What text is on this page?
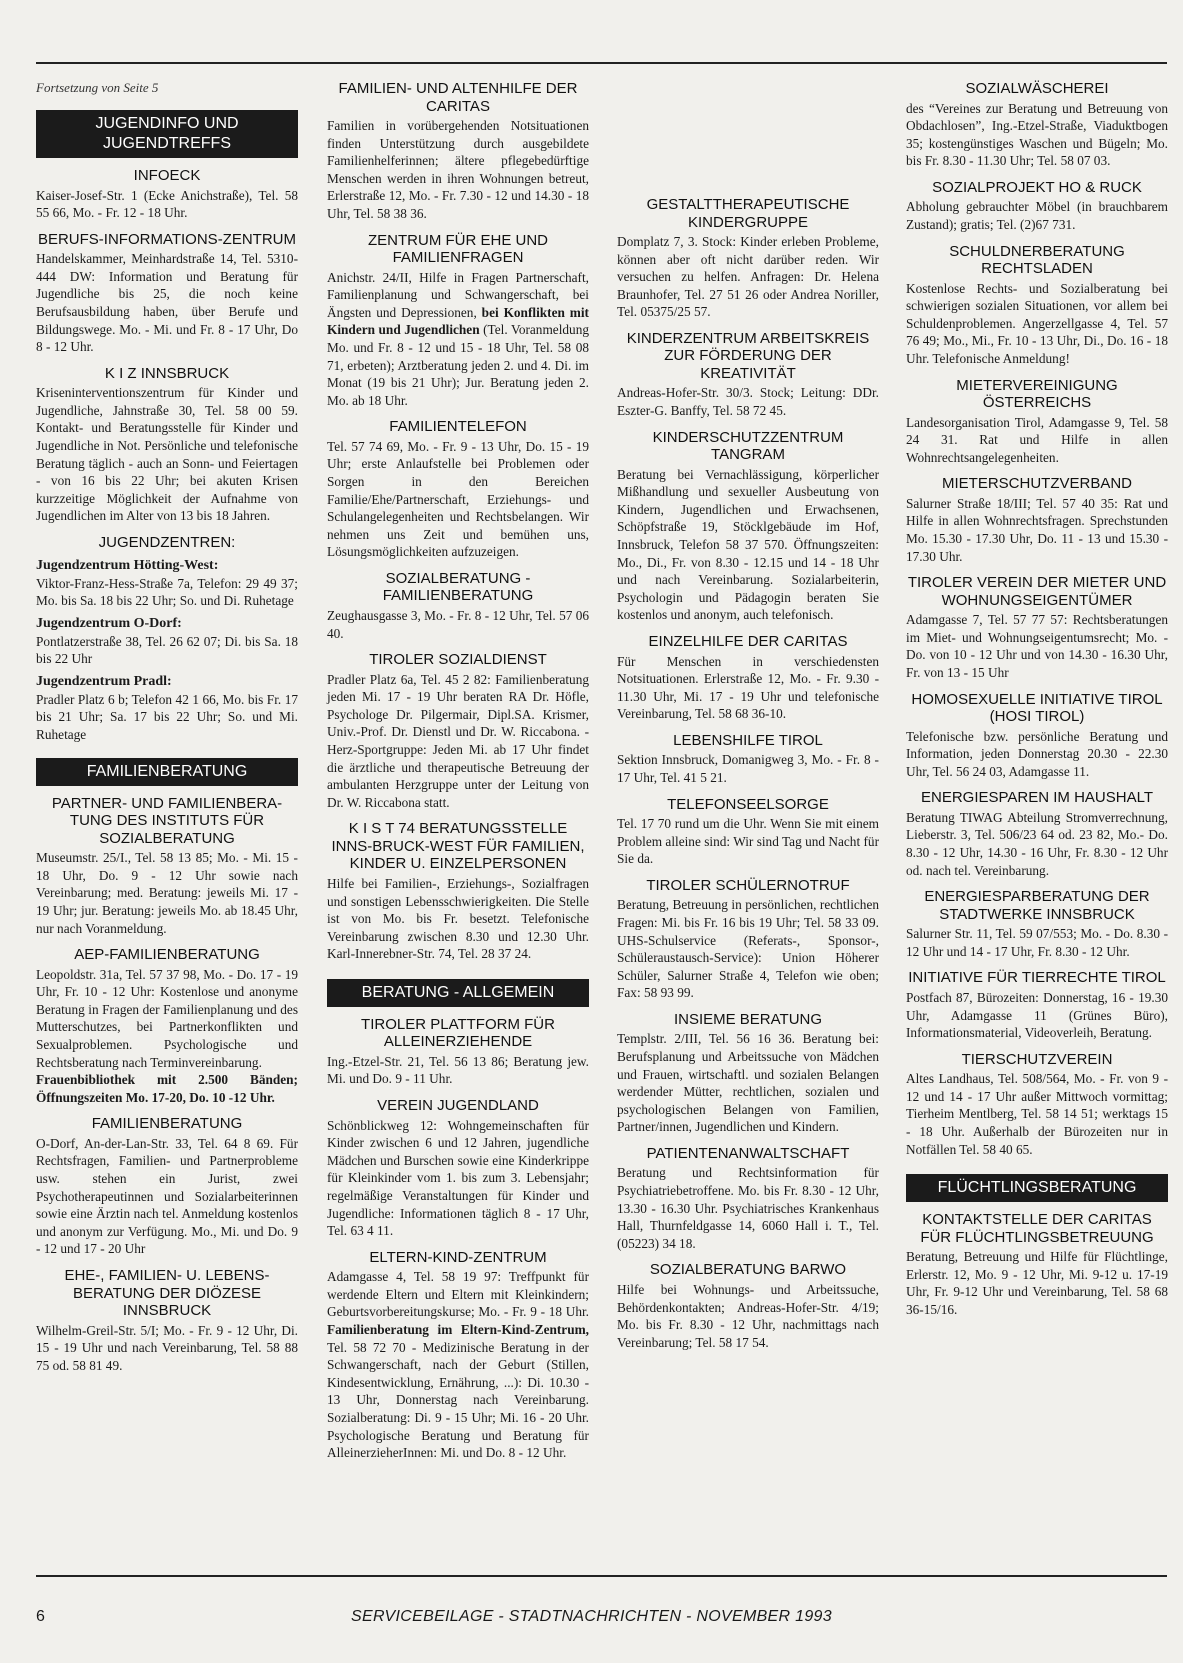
Fortsetzung von Seite 5

JUGENDINFO UND JUGENDTREFFS
INFOECK

Kaiser-Josef-Str. 1 (Ecke Anichstraße), Tel. 58 55 66, Mo. - Fr. 12 - 18 Uhr.

BERUFS-INFORMATIONS-ZENTRUM

Handelskammer, Meinhardstraße 14, Tel. 5310-444 DW: Information und Beratung für Jugendliche bis 25, die noch keine Berufsausbildung haben, über Berufe und Bildungswege. Mo. - Mi. und Fr. 8 - 17 Uhr, Do 8 - 12 Uhr.

K I Z INNSBRUCK

Kriseninterventionszentrum für Kinder und Jugendliche, Jahnstraße 30, Tel. 58 00 59. Kontakt- und Beratungsstelle für Kinder und Jugendliche in Not. Persönliche und telefonische Beratung täglich - auch an Sonn- und Feiertagen - von 16 bis 22 Uhr; bei akuten Krisen kurzzeitige Möglichkeit der Aufnahme von Jugendlichen im Alter von 13 bis 18 Jahren.

JUGENDZENTREN:

Jugendzentrum Hötting-West:

Viktor-Franz-Hess-Straße 7a, Telefon: 29 49 37; Mo. bis Sa. 18 bis 22 Uhr; So. und Di. Ruhetage

Jugendzentrum O-Dorf:

Pontlatzerstraße 38, Tel. 26 62 07; Di. bis Sa. 18 bis 22 Uhr

Jugendzentrum Pradl:

Pradler Platz 6 b; Telefon 42 1 66, Mo. bis Fr. 17 bis 21 Uhr; Sa. 17 bis 22 Uhr; So. und Mi. Ruhetage

FAMILIENBERATUNG
PARTNER- UND FAMILIENBERA-TUNG DES INSTITUTS FÜR SOZIALBERATUNG

Museumstr. 25/I., Tel. 58 13 85; Mo. - Mi. 15 - 18 Uhr, Do. 9 - 12 Uhr sowie nach Vereinbarung; med. Beratung: jeweils Mi. 17 - 19 Uhr; jur. Beratung: jeweils Mo. ab 18.45 Uhr, nur nach Voranmeldung.

AEP-FAMILIENBERATUNG

Leopoldstr. 31a, Tel. 57 37 98, Mo. - Do. 17 - 19 Uhr, Fr. 10 - 12 Uhr: Kostenlose und anonyme Beratung in Fragen der Familienplanung und des Mutterschutzes, bei Partnerkonflikten und Sexualproblemen. Psychologische und Rechtsberatung nach Terminvereinbarung.

Frauenbibliothek mit 2.500 Bänden; Öffnungszeiten Mo. 17-20, Do. 10 -12 Uhr.

FAMILIENBERATUNG

O-Dorf, An-der-Lan-Str. 33, Tel. 64 8 69. Für Rechtsfragen, Familien- und Partnerprobleme usw. stehen ein Jurist, zwei Psychotherapeutinnen und Sozialarbeiterinnen sowie eine Ärztin nach tel. Anmeldung kostenlos und anonym zur Verfügung. Mo., Mi. und Do. 9 - 12 und 17 - 20 Uhr

EHE-, FAMILIEN- U. LEBENS-BERATUNG DER DIÖZESE INNSBRUCK

Wilhelm-Greil-Str. 5/I; Mo. - Fr. 9 - 12 Uhr, Di. 15 - 19 Uhr und nach Vereinbarung, Tel. 58 88 75 od. 58 81 49.

FAMILIEN- UND ALTENHILFE DER CARITAS

Familien in vorübergehenden Notsituationen finden Unterstützung durch ausgebildete Familienhelferinnen; ältere pflegebedürftige Menschen werden in ihren Wohnungen betreut, Erlerstraße 12, Mo. - Fr. 7.30 - 12 und 14.30 - 18 Uhr, Tel. 58 38 36.

ZENTRUM FÜR EHE UND FAMILIENFRAGEN

Anichstr. 24/II, Hilfe in Fragen Partnerschaft, Familienplanung und Schwangerschaft, bei Ängsten und Depressionen, bei Konflikten mit Kindern und Jugendlichen (Tel. Voranmeldung Mo. und Fr. 8 - 12 und 15 - 18 Uhr, Tel. 58 08 71, erbeten); Arztberatung jeden 2. und 4. Di. im Monat (19 bis 21 Uhr); Jur. Beratung jeden 2. Mo. ab 18 Uhr.

FAMILIENTELEFON

Tel. 57 74 69, Mo. - Fr. 9 - 13 Uhr, Do. 15 - 19 Uhr; erste Anlaufstelle bei Problemen oder Sorgen in den Bereichen Familie/Ehe/Partnerschaft, Erziehungs- und Schulangelegenheiten und Rechtsbelangen. Wir nehmen uns Zeit und bemühen uns, Lösungsmöglichkeiten aufzuzeigen.

SOZIALBERATUNG - FAMILIENBERATUNG

Zeughausgasse 3, Mo. - Fr. 8 - 12 Uhr, Tel. 57 06 40.

TIROLER SOZIALDIENST

Pradler Platz 6a, Tel. 45 2 82: Familienberatung jeden Mi. 17 - 19 Uhr beraten RA Dr. Höfle, Psychologe Dr. Pilgermair, Dipl.SA. Krismer, Univ.-Prof. Dr. Dienstl und Dr. W. Riccabona. - Herz-Sportgruppe: Jeden Mi. ab 17 Uhr findet die ärztliche und therapeutische Betreuung der ambulanten Herzgruppe unter der Leitung von Dr. W. Riccabona statt.

K I S T 74 BERATUNGSSTELLE INNS-BRUCK-WEST FÜR FAMILIEN, KINDER U. EINZELPERSONEN

Hilfe bei Familien-, Erziehungs-, Sozialfragen und sonstigen Lebensschwierigkeiten. Die Stelle ist von Mo. bis Fr. besetzt. Telefonische Vereinbarung zwischen 8.30 und 12.30 Uhr. Karl-Innerebner-Str. 74, Tel. 28 37 24.

BERATUNG - ALLGEMEIN
TIROLER PLATTFORM FÜR ALLEINERZIEHENDE

Ing.-Etzel-Str. 21, Tel. 56 13 86; Beratung jew. Mi. und Do. 9 - 11 Uhr.

VEREIN JUGENDLAND

Schönblickweg 12: Wohngemeinschaften für Kinder zwischen 6 und 12 Jahren, jugendliche Mädchen und Burschen sowie eine Kinderkrippe für Kleinkinder vom 1. bis zum 3. Lebensjahr; regelmäßige Veranstaltungen für Kinder und Jugendliche: Informationen täglich 8 - 17 Uhr, Tel. 63 4 11.

ELTERN-KIND-ZENTRUM

Adamgasse 4, Tel. 58 19 97: Treffpunkt für werdende Eltern und Eltern mit Kleinkindern; Geburtsvorbereitungskurse; Mo. - Fr. 9 - 18 Uhr. Familienberatung im Eltern-Kind-Zentrum, Tel. 58 72 70 - Medizinische Beratung in der Schwangerschaft, nach der Geburt (Stillen, Kindesentwicklung, Ernährung, ...): Di. 10.30 - 13 Uhr, Donnerstag nach Vereinbarung. Sozialberatung: Di. 9 - 15 Uhr; Mi. 16 - 20 Uhr. Psychologische Beratung und Beratung für AlleinerzieherInnen: Mi. und Do. 8 - 12 Uhr.

GESTALTTHERAPEUTISCHE KINDERGRUPPE

Domplatz 7, 3. Stock: Kinder erleben Probleme, können aber oft nicht darüber reden. Wir versuchen zu helfen. Anfragen: Dr. Helena Braunhofer, Tel. 27 51 26 oder Andrea Noriller, Tel. 05375/25 57.

KINDERZENTRUM ARBEITSKREIS ZUR FÖRDERUNG DER KREATIVITÄT

Andreas-Hofer-Str. 30/3. Stock; Leitung: DDr. Eszter-G. Banffy, Tel. 58 72 45.

KINDERSCHUTZZENTRUM TANGRAM

Beratung bei Vernachlässigung, körperlicher Mißhandlung und sexueller Ausbeutung von Kindern, Jugendlichen und Erwachsenen, Schöpfstraße 19, Stöcklgebäude im Hof, Innsbruck, Telefon 58 37 570. Öffnungszeiten: Mo., Di., Fr. von 8.30 - 12.15 und 14 - 18 Uhr und nach Vereinbarung. Sozialarbeiterin, Psychologin und Pädagogin beraten Sie kostenlos und anonym, auch telefonisch.

EINZELHILFE DER CARITAS

Für Menschen in verschiedensten Notsituationen. Erlerstraße 12, Mo. - Fr. 9.30 - 11.30 Uhr, Mi. 17 - 19 Uhr und telefonische Vereinbarung, Tel. 58 68 36-10.

LEBENSHILFE TIROL

Sektion Innsbruck, Domanigweg 3, Mo. - Fr. 8 - 17 Uhr, Tel. 41 5 21.

TELEFONSEELSORGE

Tel. 17 70 rund um die Uhr. Wenn Sie mit einem Problem alleine sind: Wir sind Tag und Nacht für Sie da.

TIROLER SCHÜLERNOTRUF

Beratung, Betreuung in persönlichen, rechtlichen Fragen: Mi. bis Fr. 16 bis 19 Uhr; Tel. 58 33 09. UHS-Schulservice (Referats-, Sponsor-, Schüleraustausch-Service): Union Höherer Schüler, Salurner Straße 4, Telefon wie oben; Fax: 58 93 99.

INSIEME BERATUNG

Templstr. 2/III, Tel. 56 16 36. Beratung bei: Berufsplanung und Arbeitssuche von Mädchen und Frauen, wirtschaftl. und sozialen Belangen werdender Mütter, rechtlichen, sozialen und psychologischen Belangen von Familien, Partner/innen, Jugendlichen und Kindern.

PATIENTENANWALTSCHAFT

Beratung und Rechtsinformation für Psychiatriebetroffene. Mo. bis Fr. 8.30 - 12 Uhr, 13.30 - 16.30 Uhr. Psychiatrisches Krankenhaus Hall, Thurnfeldgasse 14, 6060 Hall i. T., Tel. (05223) 34 18.

SOZIALBERATUNG BARWO

Hilfe bei Wohnungs- und Arbeitssuche, Behördenkontakten; Andreas-Hofer-Str. 4/19; Mo. bis Fr. 8.30 - 12 Uhr, nachmittags nach Vereinbarung; Tel. 58 17 54.

SOZIALWÄSCHEREI

des “Vereines zur Beratung und Betreuung von Obdachlosen”, Ing.-Etzel-Straße, Viaduktbogen 35; kostengünstiges Waschen und Bügeln; Mo. bis Fr. 8.30 - 11.30 Uhr; Tel. 58 07 03.

SOZIALPROJEKT HO & RUCK

Abholung gebrauchter Möbel (in brauchbarem Zustand); gratis; Tel. (2)67 731.

SCHULDNERBERATUNG RECHTSLADEN

Kostenlose Rechts- und Sozialberatung bei schwierigen sozialen Situationen, vor allem bei Schuldenproblemen. Angerzellgasse 4, Tel. 57 76 49; Mo., Mi., Fr. 10 - 13 Uhr, Di., Do. 16 - 18 Uhr. Telefonische Anmeldung!

MIETERVEREINIGUNG ÖSTERREICHS

Landesorganisation Tirol, Adamgasse 9, Tel. 58 24 31. Rat und Hilfe in allen Wohnrechtsangelegenheiten.

MIETERSCHUTZVERBAND

Salurner Straße 18/III; Tel. 57 40 35: Rat und Hilfe in allen Wohnrechtsfragen. Sprechstunden Mo. 15.30 - 17.30 Uhr, Do. 11 - 13 und 15.30 - 17.30 Uhr.

TIROLER VEREIN DER MIETER UND WOHNUNGSEIGENTÜMER

Adamgasse 7, Tel. 57 77 57: Rechtsberatungen im Miet- und Wohnungseigentumsrecht; Mo. - Do. von 10 - 12 Uhr und von 14.30 - 16.30 Uhr, Fr. von 13 - 15 Uhr

HOMOSEXUELLE INITIATIVE TIROL (HOSI TIROL)

Telefonische bzw. persönliche Beratung und Information, jeden Donnerstag 20.30 - 22.30 Uhr, Tel. 56 24 03, Adamgasse 11.

ENERGIESPAREN IM HAUSHALT

Beratung TIWAG Abteilung Stromverrechnung, Lieberstr. 3, Tel. 506/23 64 od. 23 82, Mo.- Do. 8.30 - 12 Uhr, 14.30 - 16 Uhr, Fr. 8.30 - 12 Uhr od. nach tel. Vereinbarung.

ENERGIESPARBERATUNG DER STADTWERKE INNSBRUCK

Salurner Str. 11, Tel. 59 07/553; Mo. - Do. 8.30 - 12 Uhr und 14 - 17 Uhr, Fr. 8.30 - 12 Uhr.

INITIATIVE FÜR TIERRECHTE TIROL

Postfach 87, Bürozeiten: Donnerstag, 16 - 19.30 Uhr, Adamgasse 11 (Grünes Büro), Informationsmaterial, Videoverleih, Beratung.

TIERSCHUTZVEREIN

Altes Landhaus, Tel. 508/564, Mo. - Fr. von 9 - 12 und 14 - 17 Uhr außer Mittwoch vormittag; Tierheim Mentlberg, Tel. 58 14 51; werktags 15 - 18 Uhr. Außerhalb der Bürozeiten nur in Notfällen Tel. 58 40 65.

FLÜCHTLINGSBERATUNG
KONTAKTSTELLE DER CARITAS FÜR FLÜCHTLINGSBETREUUNG

Beratung, Betreuung und Hilfe für Flüchtlinge, Erlerstr. 12, Mo. 9 - 12 Uhr, Mi. 9-12 u. 17-19 Uhr, Fr. 9-12 Uhr und Vereinbarung, Tel. 58 68 36-15/16.

6	SERVICEBEILAGE - STADTNACHRICHTEN - NOVEMBER 1993
